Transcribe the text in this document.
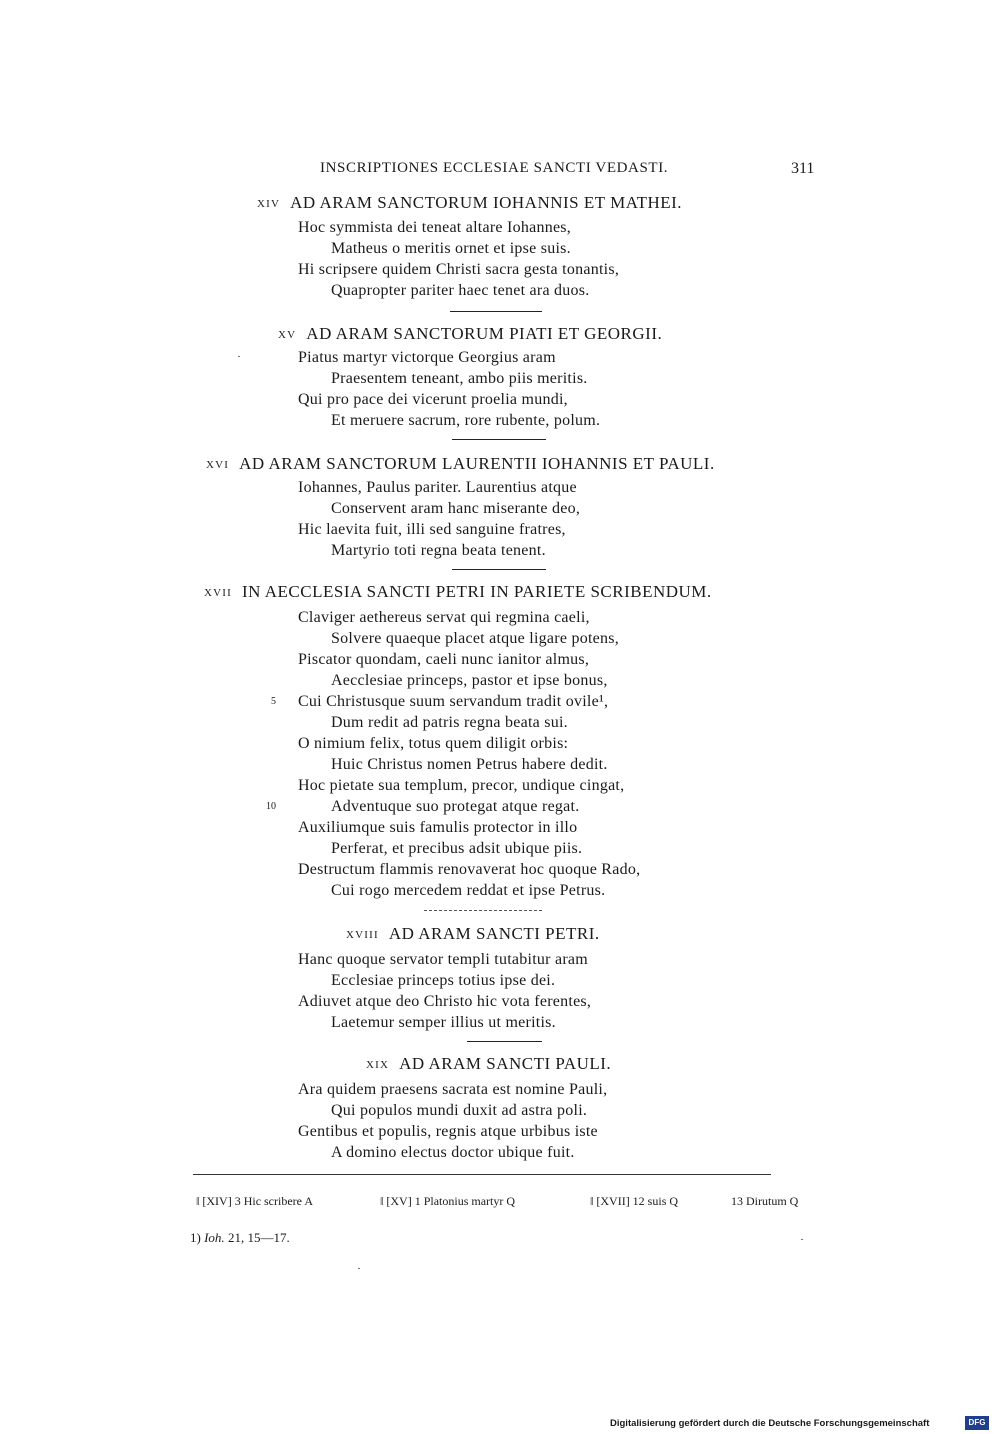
INSCRIPTIONES ECCLESIAE SANCTI VEDASTI.	311
XIV AD ARAM SANCTORUM IOHANNIS ET MATHEI.
Hoc symmista dei teneat altare Iohannes,
Matheus o meritis ornet et ipse suis.
Hi scripsere quidem Christi sacra gesta tonantis,
Quapropter pariter haec tenet ara duos.
XV AD ARAM SANCTORUM PIATI ET GEORGII.
Piatus martyr victorque Georgius aram
Praesentem teneant, ambo piis meritis.
Qui pro pace dei vicerunt proelia mundi,
Et meruere sacrum, rore rubente, polum.
XVI AD ARAM SANCTORUM LAURENTII IOHANNIS ET PAULI.
Iohannes, Paulus pariter. Laurentius atque
Conservent aram hanc miserante deo,
Hic laevita fuit, illi sed sanguine fratres,
Martyrio toti regna beata tenent.
XVII IN AECCLESIA SANCTI PETRI IN PARIETE SCRIBENDUM.
Claviger aethereus servat qui regmina caeli,
Solvere quaeque placet atque ligare potens,
Piscator quondam, caeli nunc ianitor almus,
Aecclesiae princeps, pastor et ipse bonus,
5 Cui Christusque suum servandum tradit ovile¹,
Dum redit ad patris regna beata sui.
O nimium felix, totus quem diligit orbis:
Huic Christus nomen Petrus habere dedit.
Hoc pietate sua templum, precor, undique cingat,
10	Adventuque suo protegat atque regat.
Auxiliumque suis famulis protector in illo
Perferat, et precibus adsit ubique piis.
Destructum flammis renovaverat hoc quoque Rado,
Cui rogo mercedem reddat et ipse Petrus.
XVIII AD ARAM SANCTI PETRI.
Hanc quoque servator templi tutabitur aram
Ecclesiae princeps totius ipse dei.
Adiuvet atque deo Christo hic vota ferentes,
Laetemur semper illius ut meritis.
XIX AD ARAM SANCTI PAULI.
Ara quidem praesens sacrata est nomine Pauli,
Qui populos mundi duxit ad astra poli.
Gentibus et populis, regnis atque urbibus iste
A domino electus doctor ubique fuit.
‖ [XIV] 3 Hic scribere A	‖ [XV] 1 Platonius martyr Q	‖ [XVII] 12 suis Q	13 Dirutum Q
1) Ioh. 21, 15—17.
Digitalisierung gefördert durch die Deutsche Forschungsgemeinschaft	DFG
